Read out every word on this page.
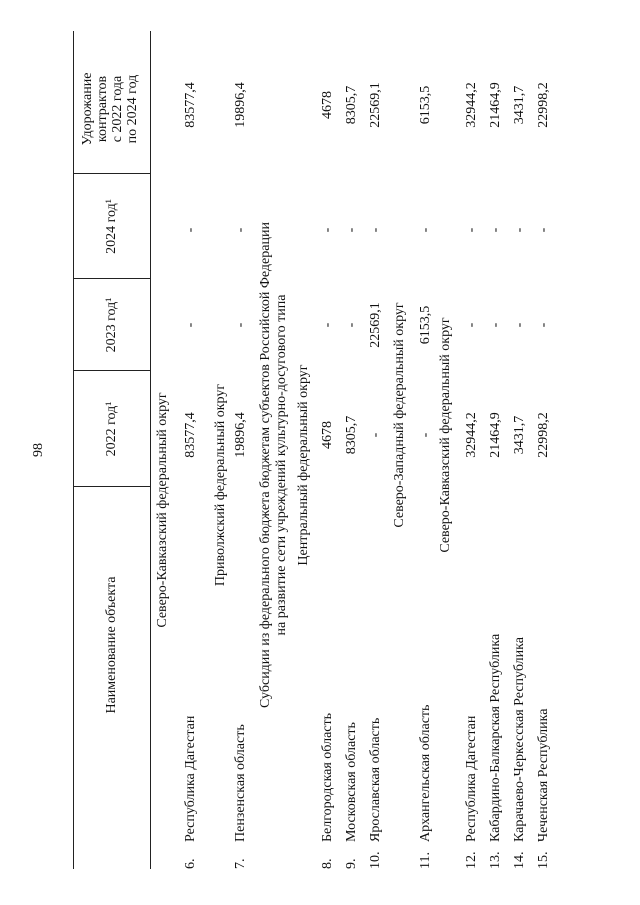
98
Наименование объекта
2022 год¹
2023 год¹
2024 год¹
Удорожание контрактов с 2022 года по 2024 год
Северо-Кавказский федеральный округ	Приволжский федеральный округ Субсидии из федерального бюджета бюджетам субъектов Российской Федерации на развитие сети учреждений культурно-досугового типа Центральный федеральный округ	Северо-Западный федеральный округ Северо-Кавказский федеральный округ
6.
Республика Дагестан
83577,4
-
-
83577,4
7.
Пензенская область
19896,4
-
-
19896,4
8.
Белгородская область
4678
-
-
4678
9.
Московская область
8305,7
-
-
8305,7
10.
Ярославская область
-
22569,1
-
22569,1
11.
Архангельская область
-
6153,5
-
6153,5
12.
Республика Дагестан
32944,2
-
-
32944,2
13.
Кабардино-Балкарская Республика
21464,9
-
-
21464,9
14.
Карачаево-Черкесская Республика
3431,7
-
-
3431,7
15.
Чеченская Республика
22998,2
-
-
22998,2
